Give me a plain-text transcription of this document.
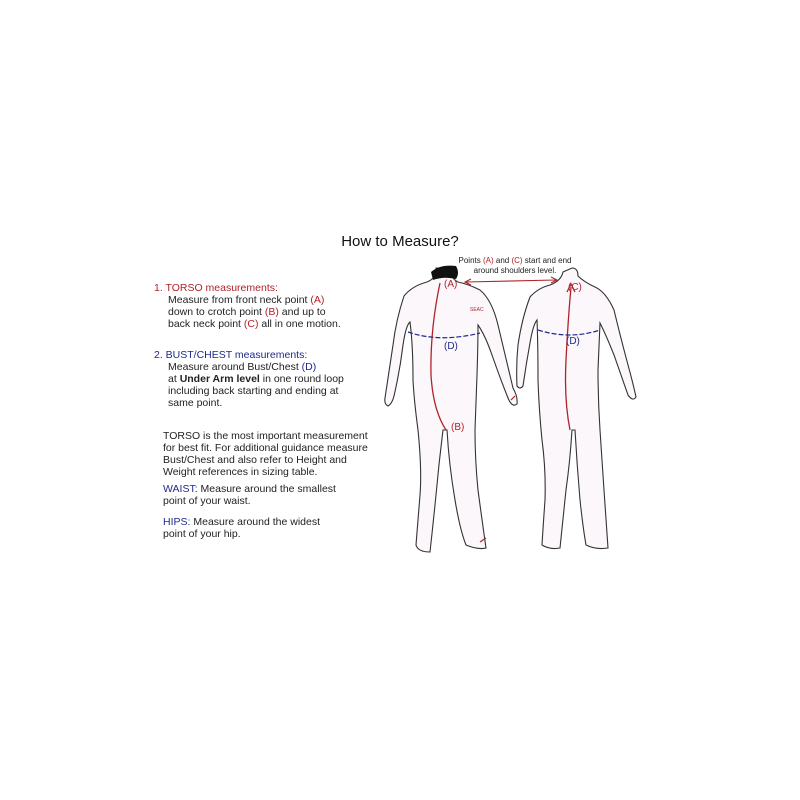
How to Measure?
1. TORSO measurements:
Measure from front neck point (A)
down to crotch point (B) and up to
back neck point (C) all in one motion.
2. BUST/CHEST measurements:
Measure around Bust/Chest (D)
at Under Arm level in one round loop
including back starting and ending at
same point.
TORSO is the most important measurement
for best fit. For additional guidance measure
Bust/Chest and also refer to Height and
Weight references in sizing table.
WAIST: Measure around the smallest
point of your waist.
HIPS: Measure around the widest
point of your hip.
Points (A) and (C) start and end
around shoulders level.
SEAC
(A)
(B)
(C)
(D)	(D)
